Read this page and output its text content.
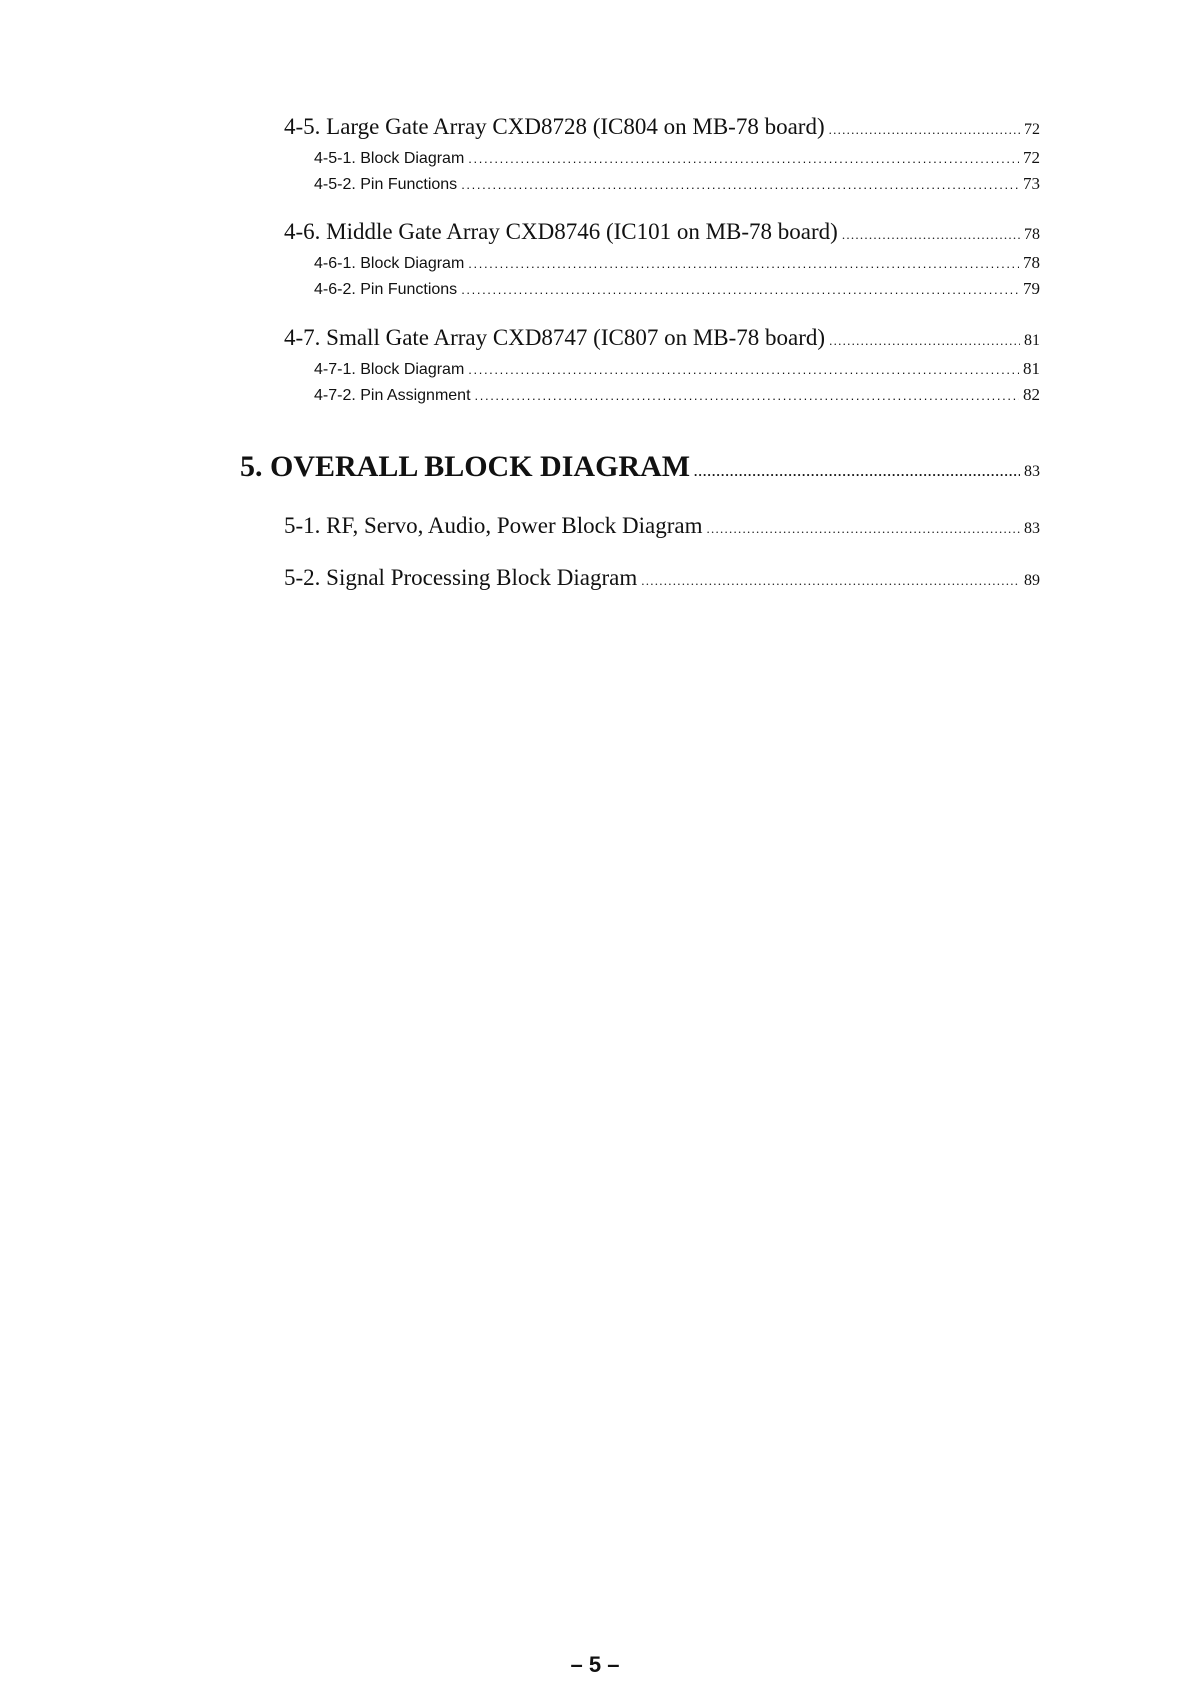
4-5. Large Gate Array CXD8728 (IC804 on MB-78 board) . . .	72
4-5-1. Block Diagram . . .	72
4-5-2. Pin Functions . . .	73
4-6. Middle Gate Array CXD8746 (IC101 on MB-78 board) . . .	78
4-6-1. Block Diagram . . .	78
4-6-2. Pin Functions . . .	79
4-7. Small Gate Array CXD8747 (IC807 on MB-78 board) . . .	81
4-7-1. Block Diagram . . .	81
4-7-2. Pin Assignment . . .	82
5. OVERALL BLOCK DIAGRAM . . .	83
5-1. RF, Servo, Audio, Power Block Diagram . . .	83
5-2. Signal Processing Block Diagram . . .	89
– 5 –
